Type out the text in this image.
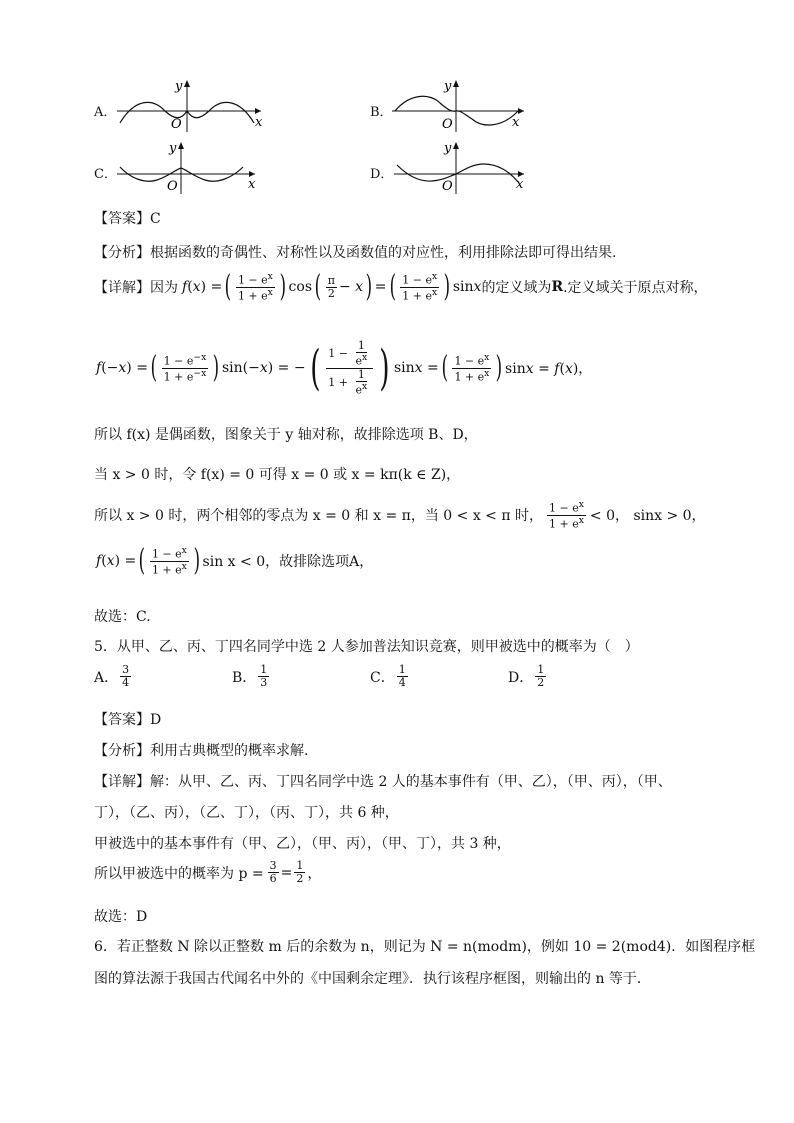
A．
y
O	x
B．
y
O	x
C．
y
O	x
D．
y
O	x
【答案】C
【分析】根据函数的奇偶性、对称性以及函数值的对应性，利用排除法即可得出结果.
【详解】 因为 f(x) = ( $\frac{1 - e^x}{1 + e^x}$ ) cos ( $\frac{\pi}{2} - x$ ) = ( $\frac{1 - e^x}{1 + e^x}$ ) sinx 的定义域为 R .定义域关于原点对称，
f(−x) = ( $\frac{1 - e^{-x}}{1 + e^{-x}}$ ) sin(−x) = − ( $\frac{1 - \frac{1}{e^x}}{1 + \frac{1}{e^x}}$ ) sinx = ( $\frac{1 - e^x}{1 + e^x}$ ) sinx = f(x)，
所以 f(x) 是偶函数，图象关于 y 轴对称，故排除选项 B、D，
当 x > 0 时，令 f(x) = 0 可得 x = 0 或 x = kπ(k ∈ Z)，
所以 x > 0 时，两个相邻的零点为 x = 0 和 x = π，当 0 < x < π 时， $\frac{1 - e^x}{1 + e^x} < 0$， sinx > 0，
f(x) = ( $\frac{1 - e^x}{1 + e^x}$ ) sin x < 0，故排除选项A，
故选：C.
5．从甲、乙、丙、丁四名同学中选 2 人参加普法知识竞赛，则甲被选中的概率为（　）
A． $\frac{3}{4}$	B． $\frac{1}{3}$	C． $\frac{1}{4}$	D． $\frac{1}{2}$
【答案】D
【分析】利用古典概型的概率求解.
【详解】解：从甲、乙、丙、丁四名同学中选 2 人的基本事件有（甲、乙），（甲、丙），（甲、
丁），（乙、丙），（乙、丁），（丙、丁），共 6 种，
甲被选中的基本事件有（甲、乙），（甲、丙），（甲、丁），共 3 种，
所以甲被选中的概率为 $p = \frac{3}{6} = \frac{1}{2}$ ，
故选：D
6．若正整数 N 除以正整数 m 后的余数为 n，则记为 N = n(modm)，例如 10 = 2(mod4)．如图程序框
图的算法源于我国古代闻名中外的《中国剩余定理》．执行该程序框图，则输出的 n 等于．
